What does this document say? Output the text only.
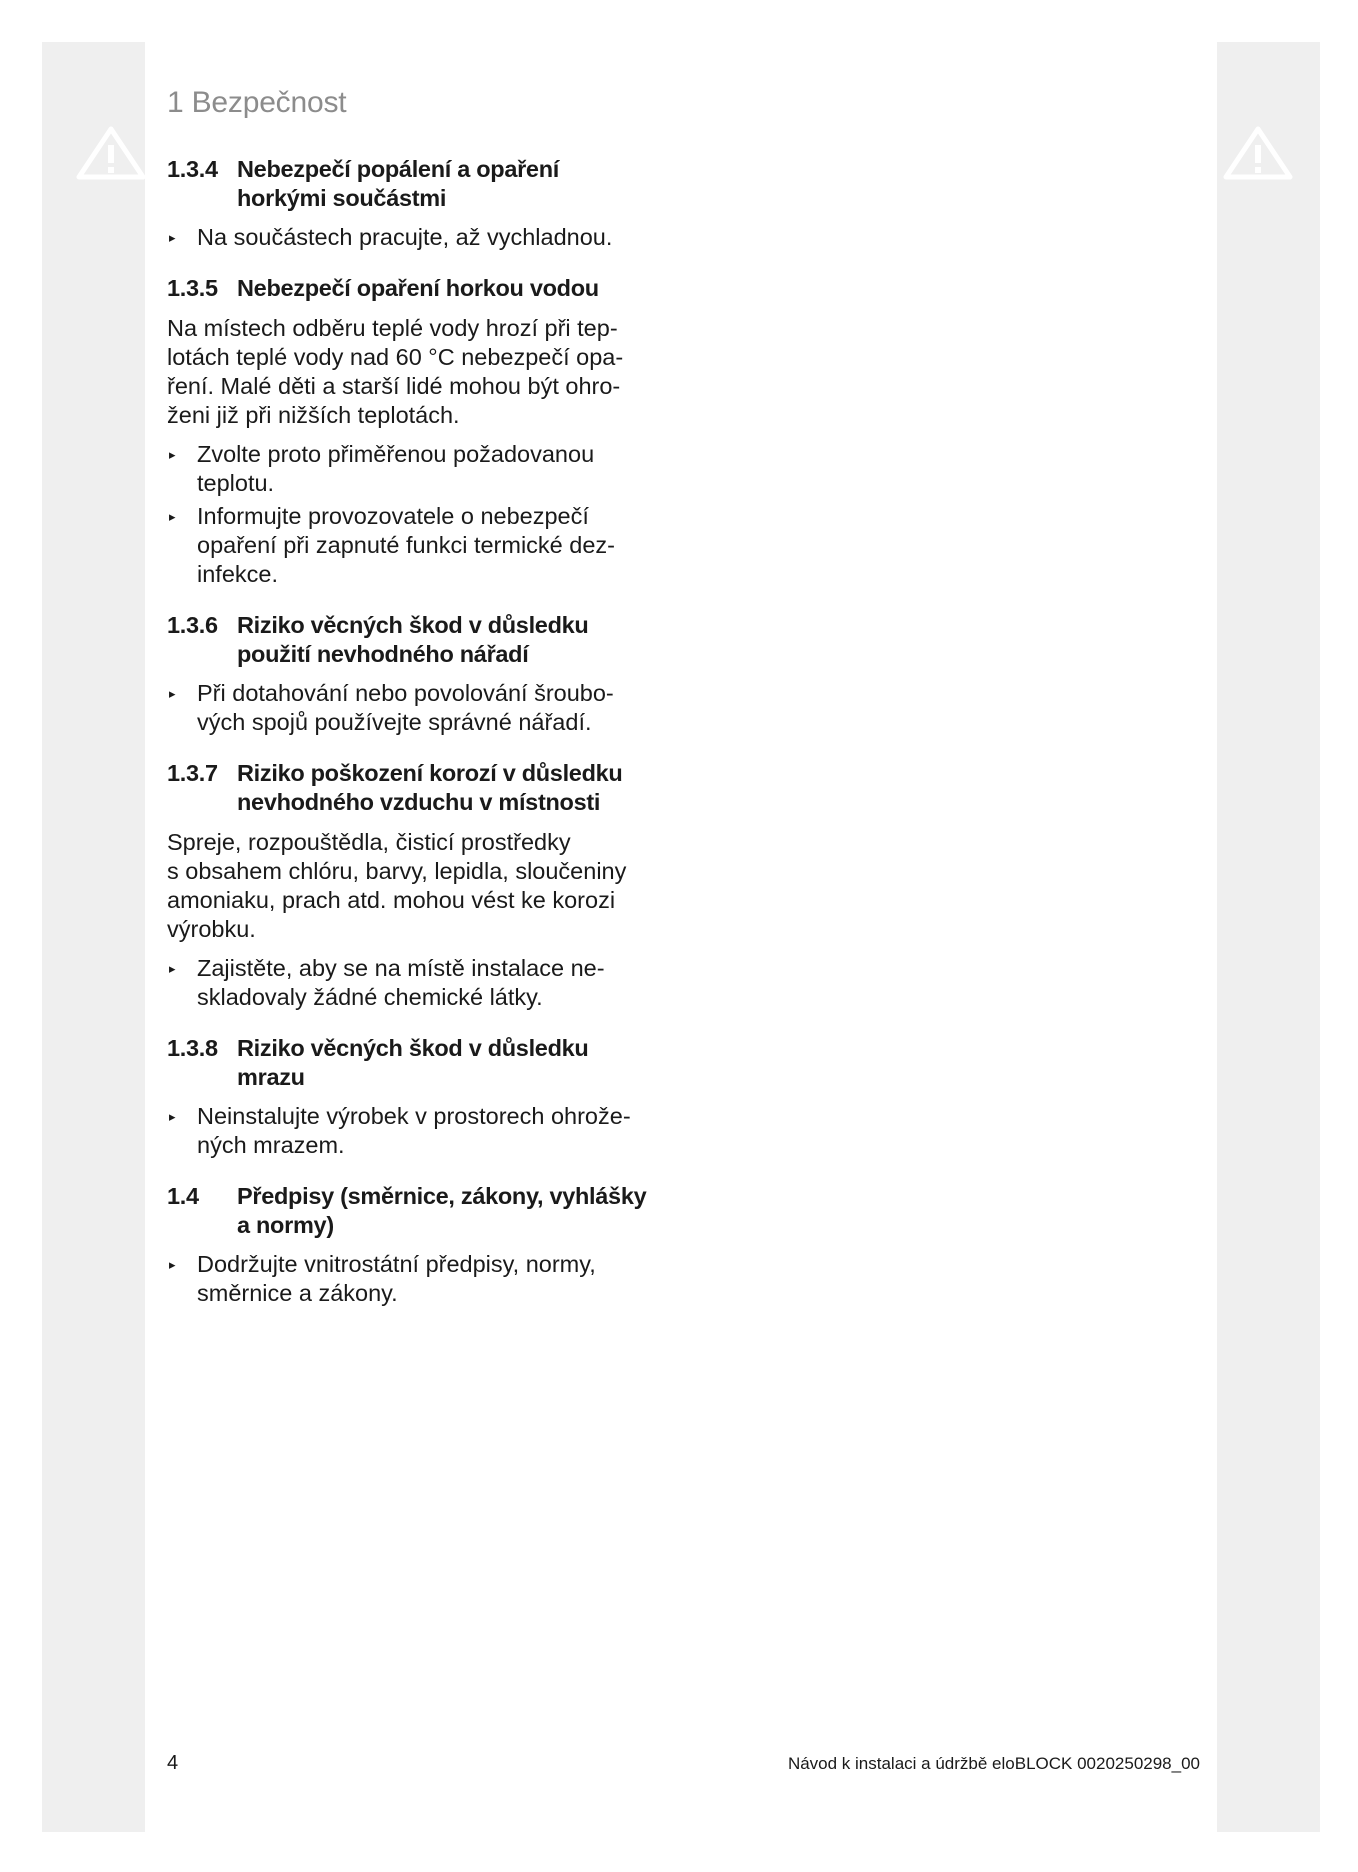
1 Bezpečnost
1.3.4 Nebezpečí popálení a opaření
horkými součástmi
▸ Na součástech pracujte, až vychladnou.
1.3.5 Nebezpečí opaření horkou vodou
Na místech odběru teplé vody hrozí při tep-
lotách teplé vody nad 60 °C nebezpečí opa-
ření. Malé děti a starší lidé mohou být ohro-
ženi již při nižších teplotách.
▸ Zvolte proto přiměřenou požadovanou
teplotu.
▸ Informujte provozovatele o nebezpečí
opaření při zapnuté funkci termické dez-
infekce.
1.3.6 Riziko věcných škod v důsledku
použití nevhodného nářadí
▸ Při dotahování nebo povolování šroubo-
vých spojů používejte správné nářadí.
1.3.7 Riziko poškození korozí v důsledku
nevhodného vzduchu v místnosti
Spreje, rozpouštědla, čisticí prostředky
s obsahem chlóru, barvy, lepidla, sloučeniny
amoniaku, prach atd. mohou vést ke korozi
výrobku.
▸ Zajistěte, aby se na místě instalace ne-
skladovaly žádné chemické látky.
1.3.8 Riziko věcných škod v důsledku
mrazu
▸ Neinstalujte výrobek v prostorech ohrože-
ných mrazem.
1.4	Předpisy (směrnice, zákony, vyhlášky
a normy)
▸ Dodržujte vnitrostátní předpisy, normy,
směrnice a zákony.
4	Návod k instalaci a údržbě eloBLOCK 0020250298_00
